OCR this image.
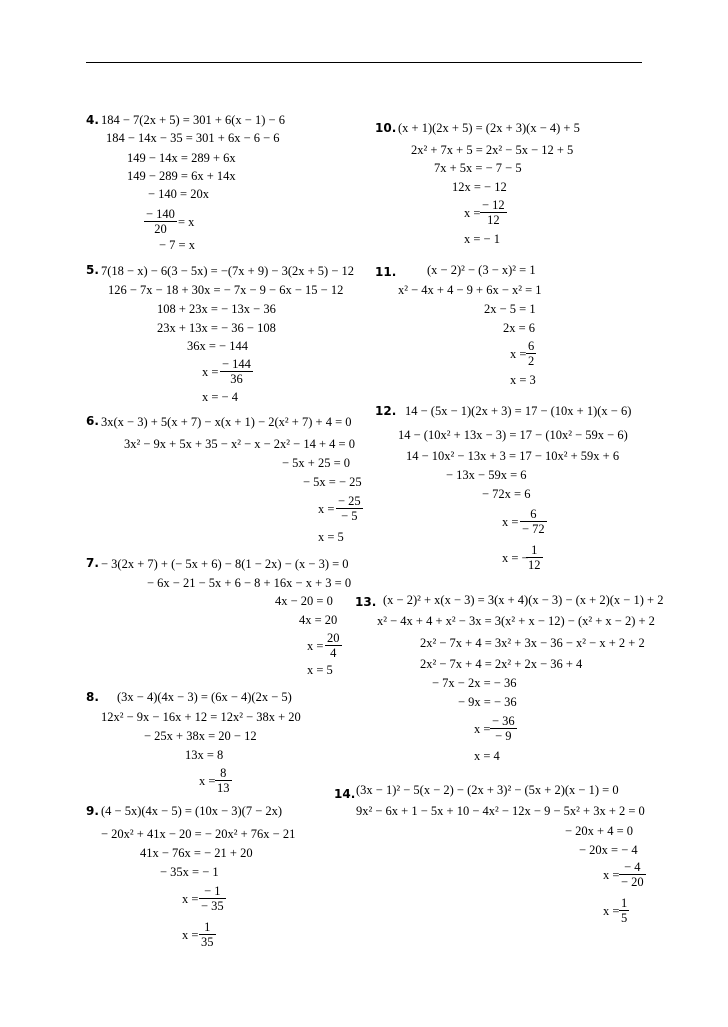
4. 184 − 7(2x + 5) = 301 + 6(x − 1) − 6
184 − 14x − 35 = 301 + 6x − 6 − 6
149 − 14x = 289 + 6x
149 − 289 = 6x + 14x
− 140 = 20x
$\frac{- 140}{20} = x$
− 7 = x
5. 7(18 − x) − 6(3 − 5x) = −(7x + 9) − 3(2x + 5) − 12
126 − 7x − 18 + 30x = − 7x − 9 − 6x − 15 − 12
108 + 23x = − 13x − 36
23x + 13x = − 36 − 108
36x = − 144
$x = \frac{- 144}{36}$
x = − 4
6. 3x(x − 3) + 5(x + 7) − x(x + 1) − 2(x² + 7) + 4 = 0
3x² − 9x + 5x + 35 − x² − x − 2x² − 14 + 4 = 0
− 5x + 25 = 0
− 5x = − 25
$x = \frac{- 25}{- 5}$
x = 5
7. − 3(2x + 7) + (− 5x + 6) − 8(1 − 2x) − (x − 3) = 0
− 6x − 21 − 5x + 6 − 8 + 16x − x + 3 = 0
4x − 20 = 0
4x = 20
$x = \frac{20}{4}$
x = 5
8. (3x − 4)(4x − 3) = (6x − 4)(2x − 5)
12x² − 9x − 16x + 12 = 12x² − 38x + 20
− 25x + 38x = 20 − 12
13x = 8
$x = \frac{8}{13}$
9. (4 − 5x)(4x − 5) = (10x − 3)(7 − 2x)
− 20x² + 41x − 20 = − 20x² + 76x − 21
41x − 76x = − 21 + 20
− 35x = − 1
$x = \frac{- 1}{- 35}$
$x = \frac{1}{35}$
10. (x + 1)(2x + 5) = (2x + 3)(x − 4) + 5
2x² + 7x + 5 = 2x² − 5x − 12 + 5
7x + 5x = − 7 − 5
12x = − 12
$x = \frac{- 12}{12}$
x = − 1
11. (x − 2)² − (3 − x)² = 1
x² − 4x + 4 − 9 + 6x − x² = 1
2x − 5 = 1
2x = 6
$x = \frac{6}{2}$
x = 3
12. 14 − (5x − 1)(2x + 3) = 17 − (10x + 1)(x − 6)
14 − (10x² + 13x − 3) = 17 − (10x² − 59x − 6)
14 − 10x² − 13x + 3 = 17 − 10x² + 59x + 6
− 13x − 59x = 6
− 72x = 6
$x = \frac{6}{- 72}$
x = −
$\frac{1}{12}$
13. (x − 2)² + x(x − 3) = 3(x + 4)(x − 3) − (x + 2)(x − 1) + 2
x² − 4x + 4 + x² − 3x = 3(x² + x − 12) − (x² + x − 2) + 2
2x² − 7x + 4 = 3x² + 3x − 36 − x² − x + 2 + 2
2x² − 7x + 4 = 2x² + 2x − 36 + 4
− 7x − 2x = − 36
− 9x = − 36
$x = \frac{- 36}{- 9}$
x = 4
14. (3x − 1)² − 5(x − 2) − (2x + 3)² − (5x + 2)(x − 1) = 0
9x² − 6x + 1 − 5x + 10 − 4x² − 12x − 9 − 5x² + 3x + 2 = 0
− 20x + 4 = 0
− 20x = − 4
$x = \frac{- 4}{- 20}$
$x = \frac{1}{5}$
